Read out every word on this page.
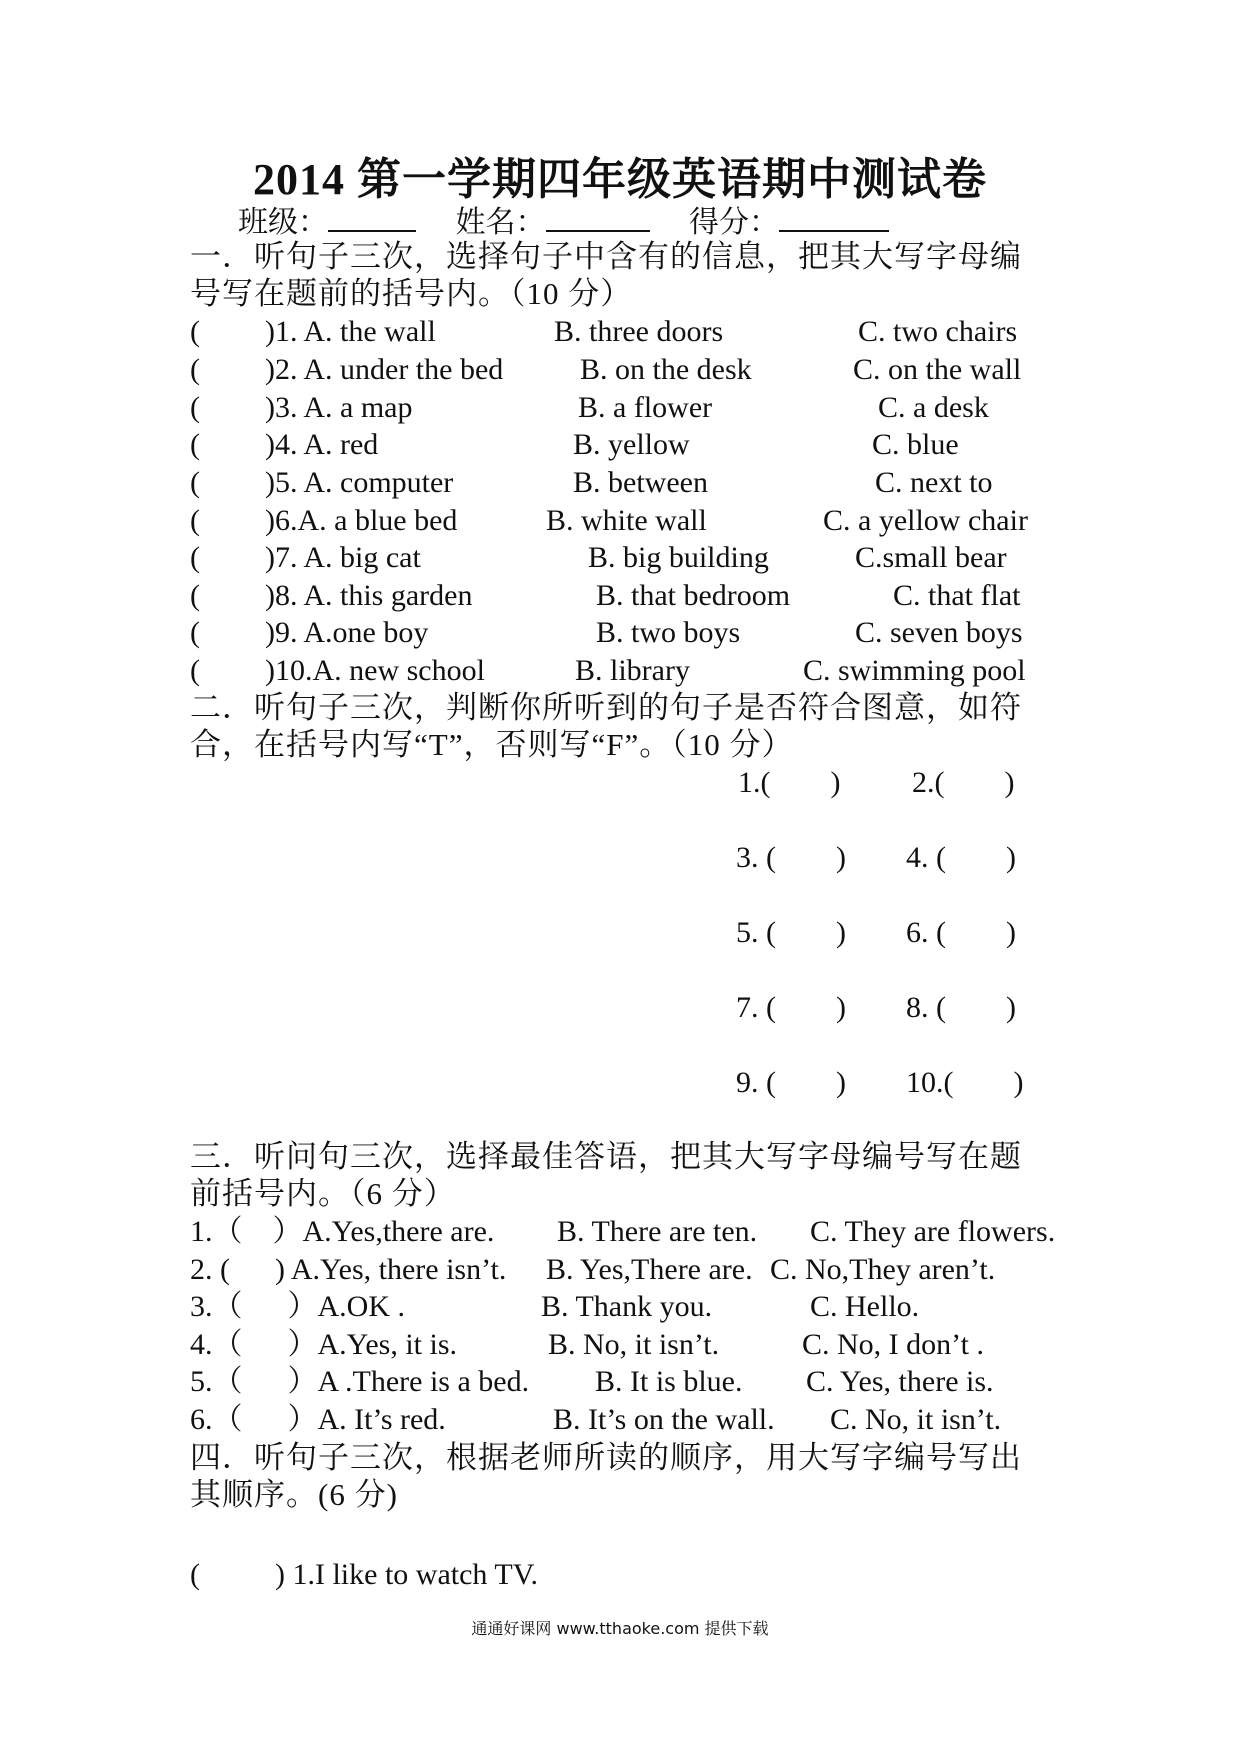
2014 第一学期四年级英语期中测试卷
班级：	姓名：	得分：
一．听句子三次，选择句子中含有的信息，把其大写字母编
号写在题前的括号内。（10 分）
( )1. A. the wall	B. three doors	C. two chairs
( )2. A. under the bed	B. on the desk	C. on the wall
( )3. A. a map	B. a flower	C. a desk
( )4. A. red	B. yellow	C. blue
( )5. A. computer	B. between	C. next to
( )6.A. a blue bed	B. white wall	C. a yellow chair
( )7. A. big cat	B. big building	C.small bear
( )8. A. this garden	B. that bedroom	C. that flat
( )9. A.one boy	B. two boys	C. seven boys
( )10.A. new school	B. library	C. swimming pool
二．听句子三次，判断你所听到的句子是否符合图意，如符
合，在括号内写“T”，否则写“F”。（10 分）
1.(        ) 2.(        )
3. (        ) 4. (        )
5. (        ) 6. (        )
7. (        ) 8. (        )
9. (        ) 10.(        )
三．听问句三次，选择最佳答语，把其大写字母编号写在题
前括号内。（6 分）
1.（    ）A.Yes,there are. B. There are ten. C. They are flowers.
2. (      ) A.Yes, there isn’t. B. Yes,There are. C. No,They aren’t.
3.（      ）A.OK .	B. Thank you.	C. Hello.
4.（      ）A.Yes, it is.	B. No, it isn’t.	C. No, I don’t .
5.（      ）A .There is a bed. B. It is blue. C. Yes, there is.
6.（      ）A. It’s red.	B. It’s on the wall. C. No, it isn’t.
四．听句子三次，根据老师所读的顺序，用大写字编号写出
其顺序。(6 分)
(          ) 1.I like to watch TV.
通通好课网 www.tthaoke.com 提供下载
